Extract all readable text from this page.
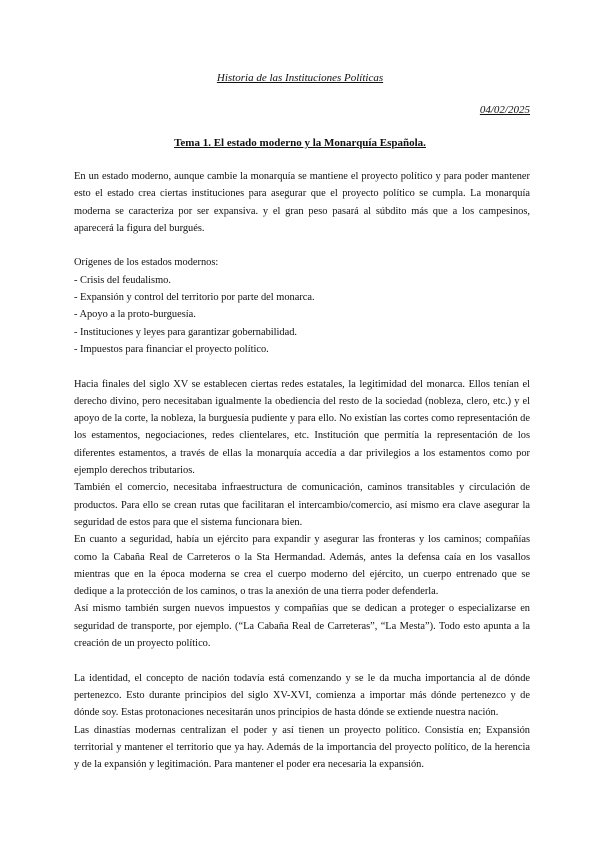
Historia de las Instituciones Políticas
04/02/2025
Tema 1. El estado moderno y la Monarquía Española.

En un estado moderno, aunque cambie la monarquía se mantiene el proyecto político y para poder mantener esto el estado crea ciertas instituciones para asegurar que el proyecto político se cumpla. La monarquía moderna se caracteriza por ser expansiva. y el gran peso pasará al súbdito más que a los campesinos, aparecerá la figura del burgués.

Orígenes de los estados modernos:

- Crisis del feudalismo.
- Expansión y control del territorio por parte del monarca.
- Apoyo a la proto-burguesía.
- Instituciones y leyes para garantizar gobernabilidad.
- Impuestos para financiar el proyecto político.

Hacia finales del siglo XV se establecen ciertas redes estatales, la legitimidad del monarca. Ellos tenían el derecho divino, pero necesitaban igualmente la obediencia del resto de la sociedad (nobleza, clero, etc.) y el apoyo de la corte, la nobleza, la burguesía pudiente y para ello. No existían las cortes como representación de los estamentos, negociaciones, redes clientelares, etc. Institución que permitía la representación de los diferentes estamentos, a través de ellas la monarquía accedía a dar privilegios a los estamentos como por ejemplo derechos tributarios.

También el comercio, necesitaba infraestructura de comunicación, caminos transitables y circulación de productos. Para ello se crean rutas que facilitaran el intercambio/comercio, así mismo era clave asegurar la seguridad de estos para que el sistema funcionara bien.

En cuanto a seguridad, había un ejército para expandir y asegurar las fronteras y los caminos; compañías como la Cabaña Real de Carreteros o la Sta Hermandad. Además, antes la defensa caía en los vasallos mientras que en la época moderna se crea el cuerpo moderno del ejército, un cuerpo entrenado que se dedique a la protección de los caminos, o tras la anexión de una tierra poder defenderla.

Así mismo también surgen nuevos impuestos y compañías que se dedican a proteger o especializarse en seguridad de transporte, por ejemplo. (“La Cabaña Real de Carreteras”, “La Mesta”). Todo esto apunta a la creación de un proyecto político.

La identidad, el concepto de nación todavía está comenzando y se le da mucha importancia al de dónde pertenezco. Esto durante principios del siglo XV-XVI, comienza a importar más dónde pertenezco y de dónde soy. Estas protonaciones necesitarán unos principios de hasta dónde se extiende nuestra nación.

Las dinastías modernas centralizan el poder y así tienen un proyecto político. Consistía en; Expansión territorial y mantener el territorio que ya hay. Además de la importancia del proyecto político, de la herencia y de la expansión y legitimación. Para mantener el poder era necesaria la expansión.
